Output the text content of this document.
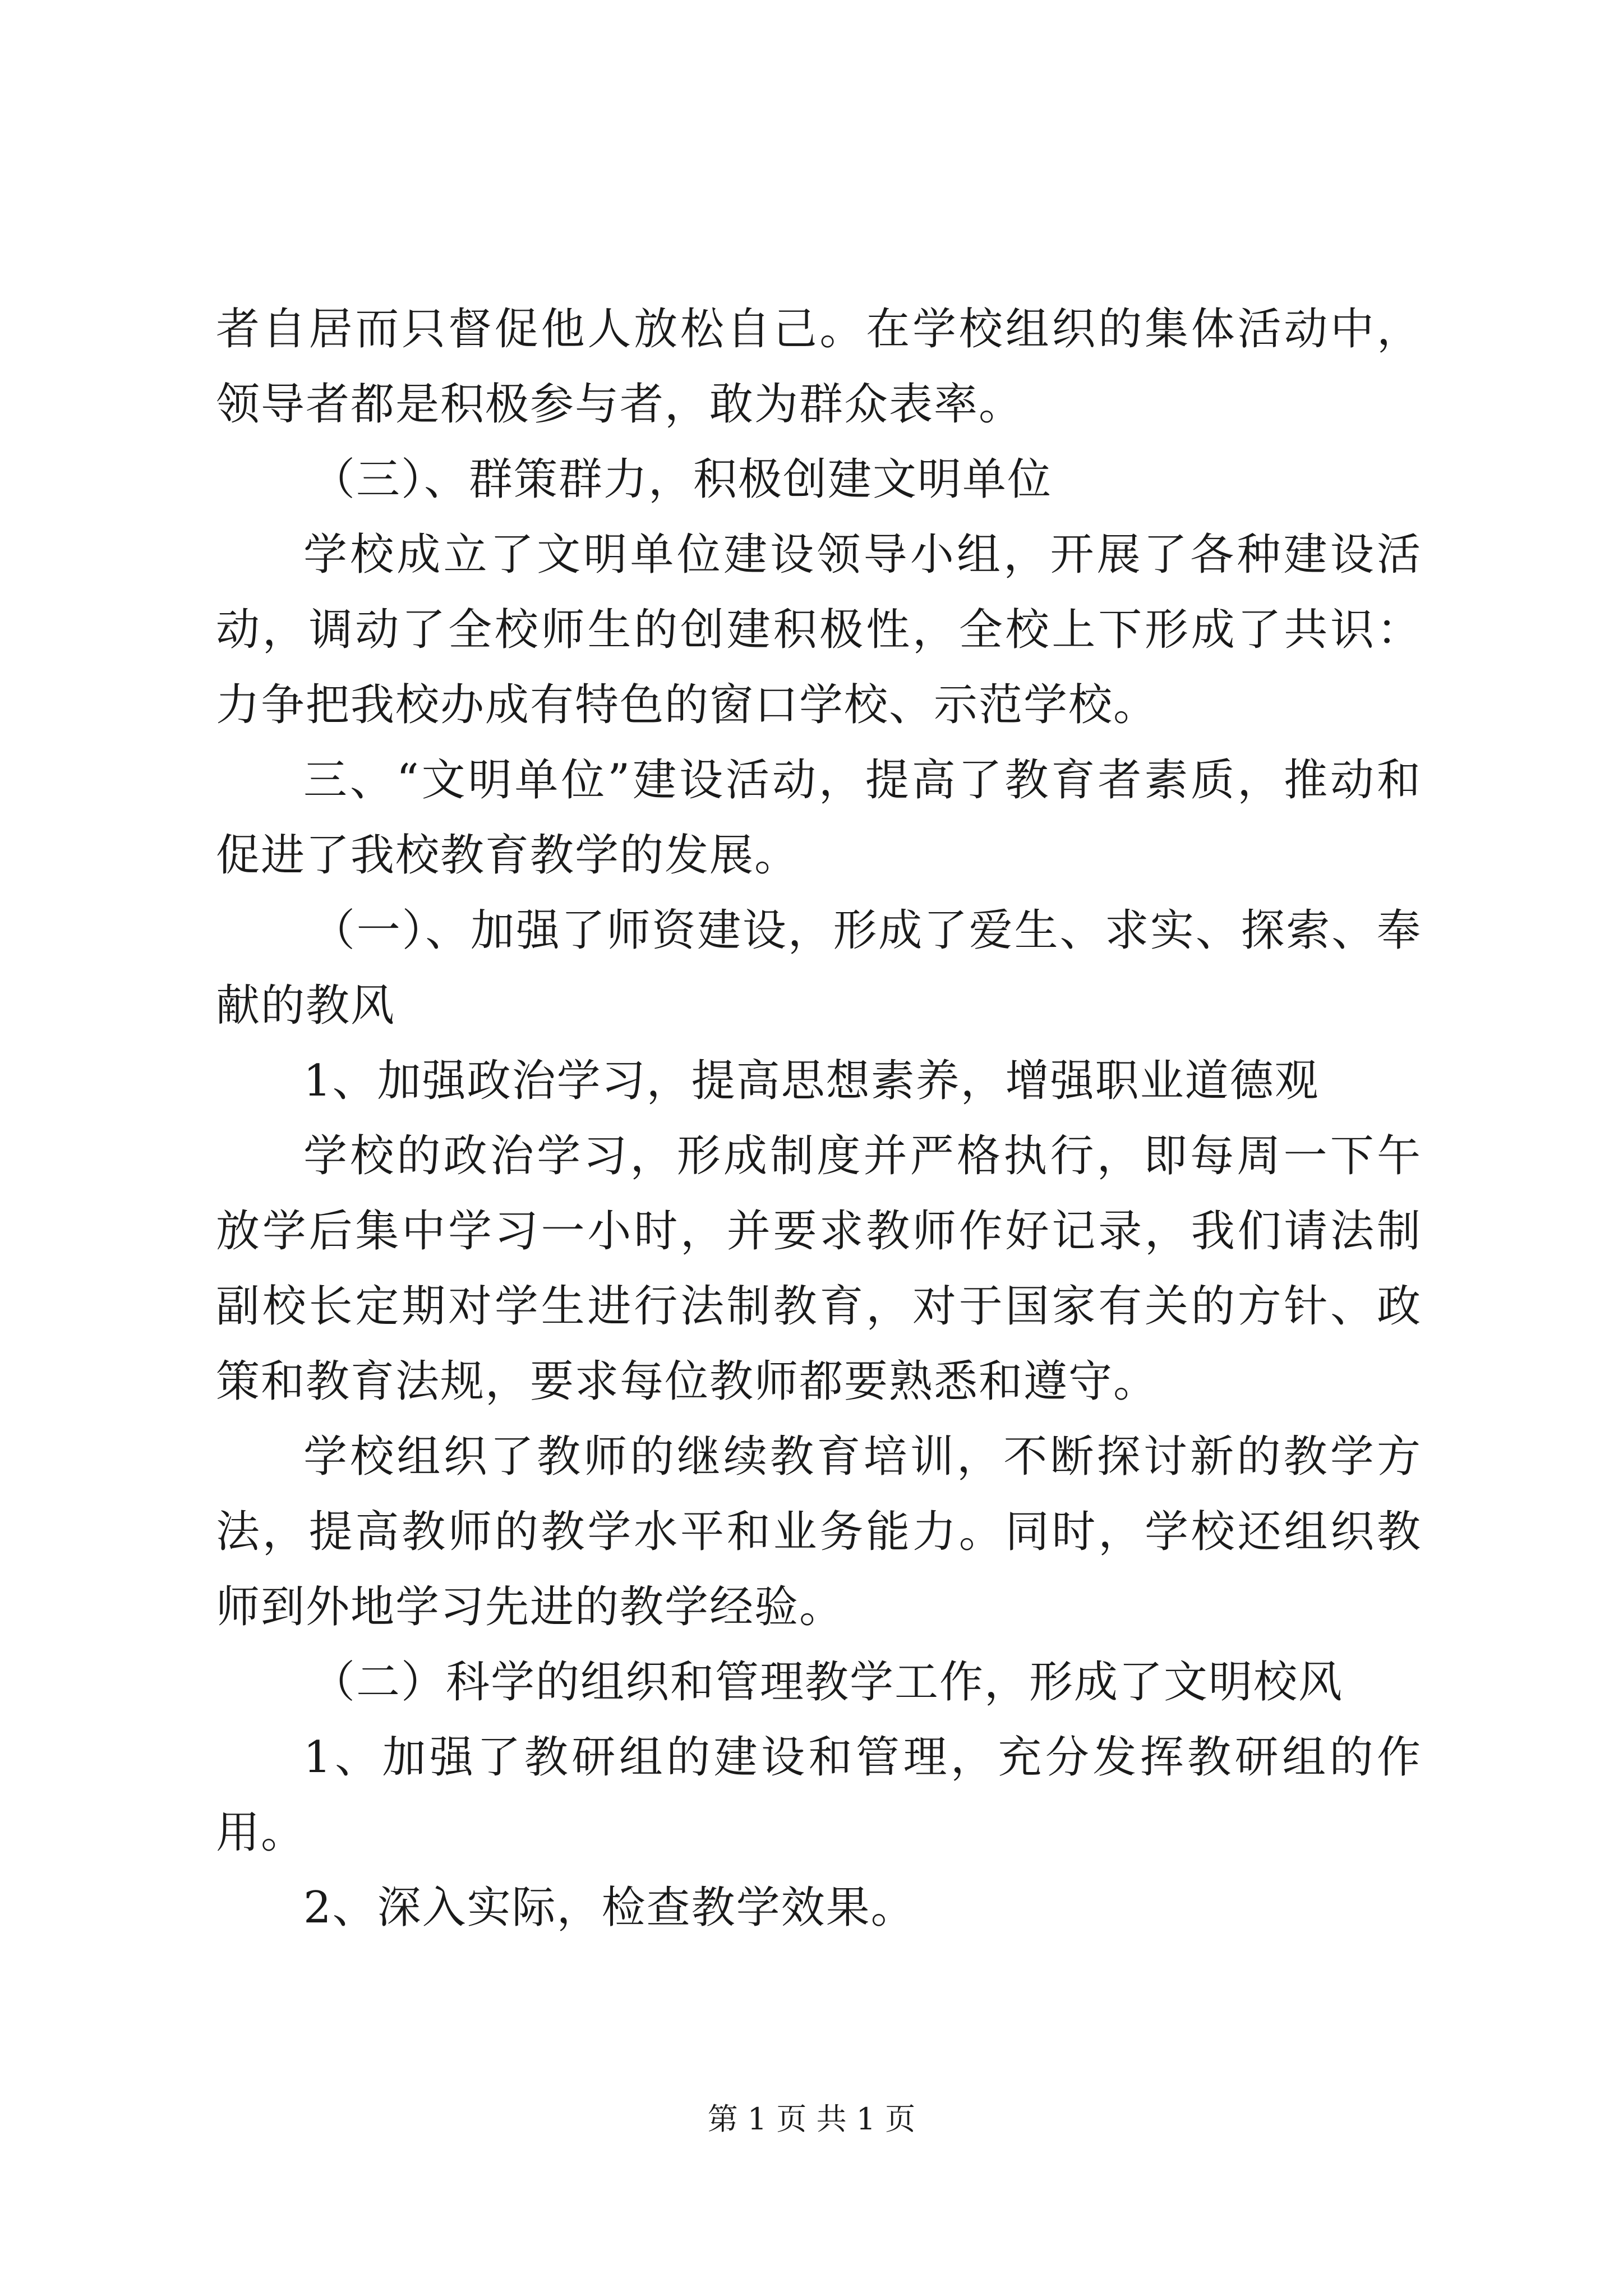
者自居而只督促他人放松自己。在学校组织的集体活动中，领导者都是积极参与者，敢为群众表率。

（三）、群策群力，积极创建文明单位

学校成立了文明单位建设领导小组，开展了各种建设活动，调动了全校师生的创建积极性，全校上下形成了共识：力争把我校办成有特色的窗口学校、示范学校。

三、“文明单位”建设活动，提高了教育者素质，推动和促进了我校教育教学的发展。

（一）、加强了师资建设，形成了爱生、求实、探索、奉献的教风

1、加强政治学习，提高思想素养，增强职业道德观

学校的政治学习，形成制度并严格执行，即每周一下午放学后集中学习一小时，并要求教师作好记录，我们请法制副校长定期对学生进行法制教育，对于国家有关的方针、政策和教育法规，要求每位教师都要熟悉和遵守。

学校组织了教师的继续教育培训，不断探讨新的教学方法，提高教师的教学水平和业务能力。同时，学校还组织教师到外地学习先进的教学经验。

（二）科学的组织和管理教学工作，形成了文明校风

1、加强了教研组的建设和管理，充分发挥教研组的作用。

2、深入实际，检查教学效果。

第 1 页 共 1 页
